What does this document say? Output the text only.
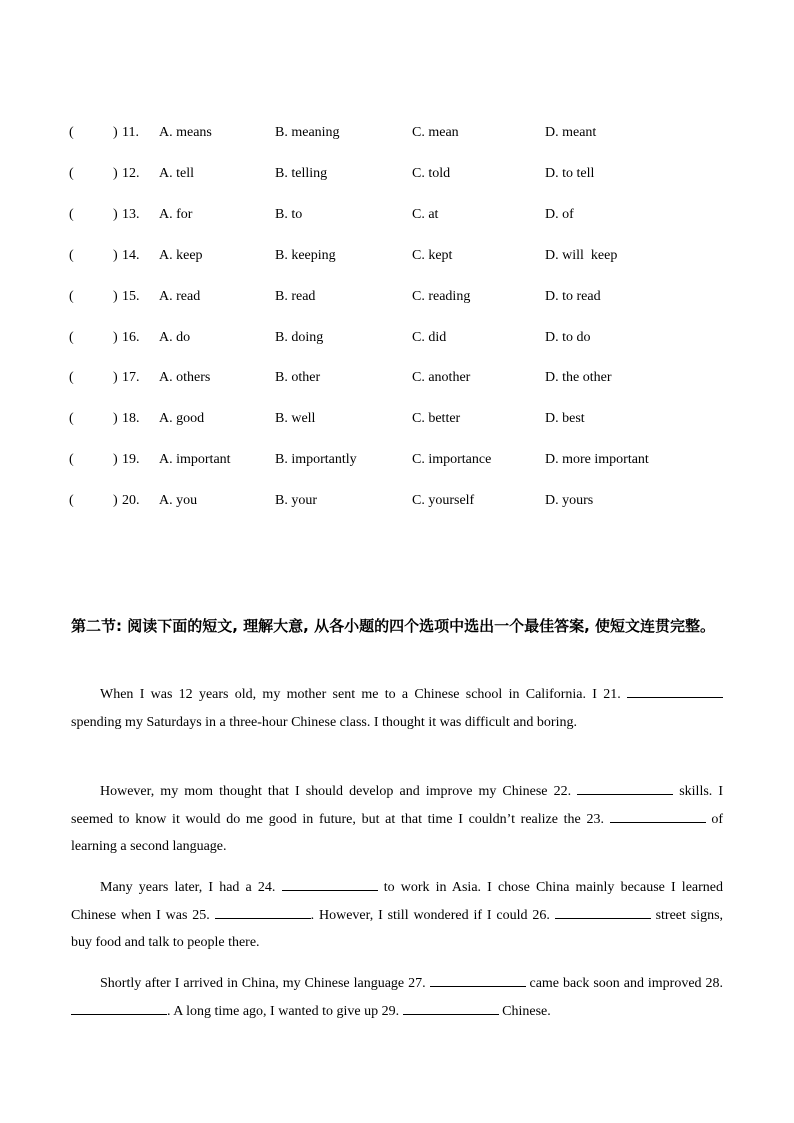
(	) 11. A. means	B. meaning	C. mean	D. meant
(	) 12. A. tell	B. telling	C. told	D. to tell
(	) 13. A. for	B. to	C. at	D. of
(	) 14. A. keep	B. keeping	C. kept	D. will  keep
(	) 15. A. read	B. read	C. reading	D. to read
(	) 16. A. do	B. doing	C. did	D. to do
(	) 17. A. others	B. other	C. another	D. the other
(	) 18. A. good	B. well	C. better	D. best
(	) 19. A. important	B. importantly	C. importance	D. more important
(	) 20. A. you	B. your	C. yourself	D. yours
第二节: 阅读下面的短文, 理解大意, 从各小题的四个选项中选出一个最佳答案, 使短文连贯完整。

When I was 12 years old, my mother sent me to a Chinese school in California. I 21.  spending my Saturdays in a three-hour Chinese class. I thought it was difficult and boring.

However, my mom thought that I should develop and improve my Chinese 22.	skills. I seemed to know it would do me good in future, but at that time I couldn’t realize the 23.	of learning a second language.

Many years later, I had a 24.	to work in Asia. I chose China mainly because I learned Chinese when I was 25.	. However, I still wondered if I could 26.	street signs, buy food and talk to people there.

Shortly after I arrived in China, my Chinese language 27.	came back soon and improved 28. . A long time ago, I wanted to give up 29.	Chinese.
